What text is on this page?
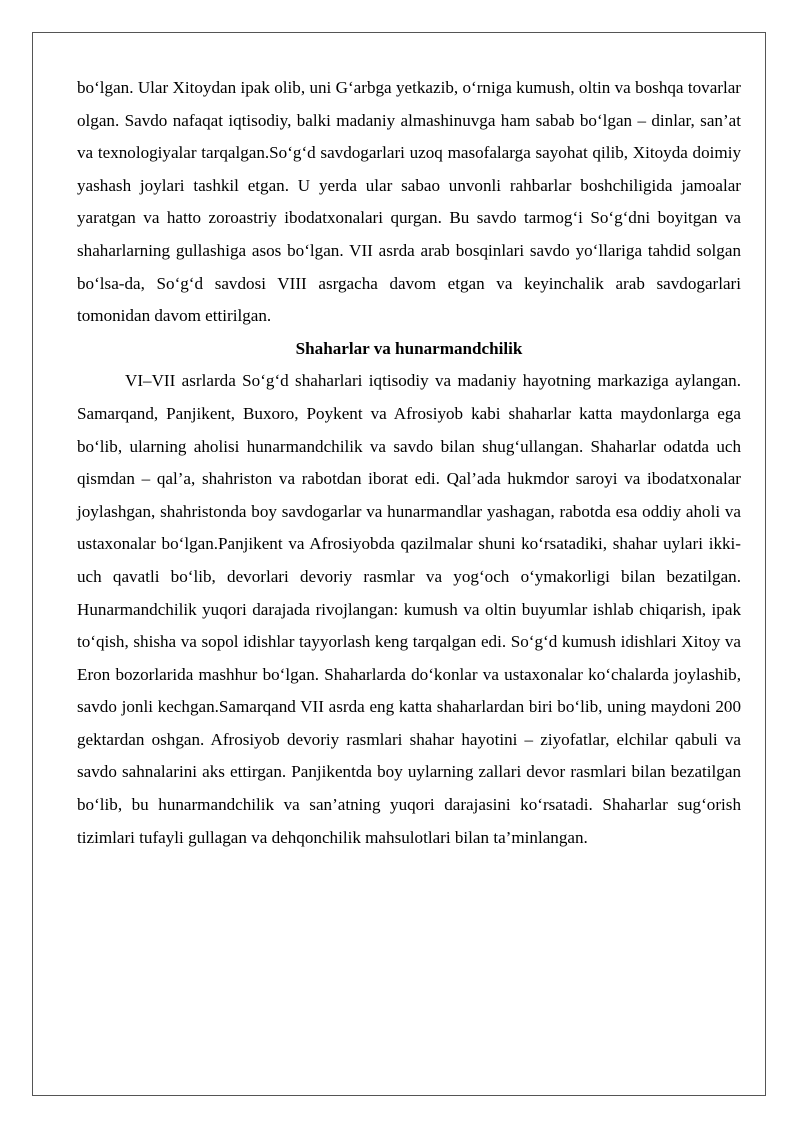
bo‘lgan. Ular Xitoydan ipak olib, uni G‘arbga yetkazib, o‘rniga kumush, oltin va boshqa tovarlar olgan. Savdo nafaqat iqtisodiy, balki madaniy almashinuvga ham sabab bo‘lgan – dinlar, san’at va texnologiyalar tarqalgan.So‘g‘d savdogarlari uzoq masofalarga sayohat qilib, Xitoyda doimiy yashash joylari tashkil etgan. U yerda ular sabao unvonli rahbarlar boshchiligida jamoalar yaratgan va hatto zoroastriy ibodatxonalari qurgan. Bu savdo tarmog‘i So‘g‘dni boyitgan va shaharlarning gullashiga asos bo‘lgan. VII asrda arab bosqinlari savdo yo‘llariga tahdid solgan bo‘lsa-da, So‘g‘d savdosi VIII asrgacha davom etgan va keyinchalik arab savdogarlari tomonidan davom ettirilgan.

Shaharlar va hunarmandchilik

VI–VII asrlarda So‘g‘d shaharlari iqtisodiy va madaniy hayotning markaziga aylangan. Samarqand, Panjikent, Buxoro, Poykent va Afrosiyob kabi shaharlar katta maydonlarga ega bo‘lib, ularning aholisi hunarmandchilik va savdo bilan shug‘ullangan. Shaharlar odatda uch qismdan – qal’a, shahriston va rabotdan iborat edi. Qal’ada hukmdor saroyi va ibodatxonalar joylashgan, shahristonda boy savdogarlar va hunarmandlar yashagan, rabotda esa oddiy aholi va ustaxonalar bo‘lgan.Panjikent va Afrosiyobda qazilmalar shuni ko‘rsatadiki, shahar uylari ikki-uch qavatli bo‘lib, devorlari devoriy rasmlar va yog‘och o‘ymakorligi bilan bezatilgan. Hunarmandchilik yuqori darajada rivojlangan: kumush va oltin buyumlar ishlab chiqarish, ipak to‘qish, shisha va sopol idishlar tayyorlash keng tarqalgan edi. So‘g‘d kumush idishlari Xitoy va Eron bozorlarida mashhur bo‘lgan. Shaharlarda do‘konlar va ustaxonalar ko‘chalarda joylashib, savdo jonli kechgan.Samarqand VII asrda eng katta shaharlardan biri bo‘lib, uning maydoni 200 gektardan oshgan. Afrosiyob devoriy rasmlari shahar hayotini – ziyofatlar, elchilar qabuli va savdo sahnalarini aks ettirgan. Panjikentda boy uylarning zallari devor rasmlari bilan bezatilgan bo‘lib, bu hunarmandchilik va san’atning yuqori darajasini ko‘rsatadi. Shaharlar sug‘orish tizimlari tufayli gullagan va dehqonchilik mahsulotlari bilan ta’minlangan.
